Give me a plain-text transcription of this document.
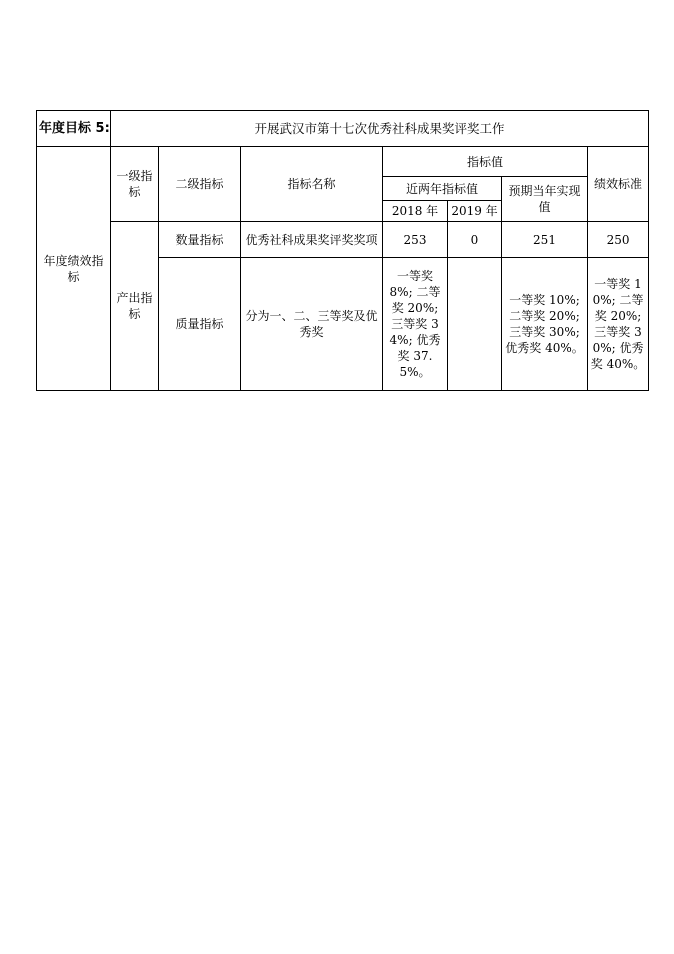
年度目标 5:	开展武汉市第十七次优秀社科成果奖评奖工作						
年度绩效指标	一级指标	二级指标	指标名称	指标值			绩效标准
				近两年指标值		预期当年实现值	
				2018 年	2019 年		
	产出指标	数量指标	优秀社科成果奖评奖奖项	253	0	251	250
		质量指标	分为一、二、三等奖及优秀奖	一等奖 8%; 二等奖 20%; 三等奖 34%; 优秀奖 37.5%。		一等奖 10%; 二等奖 20%; 三等奖 30%; 优秀奖 40%。	一等奖 10%; 二等奖 20%; 三等奖 30%; 优秀奖 40%。
